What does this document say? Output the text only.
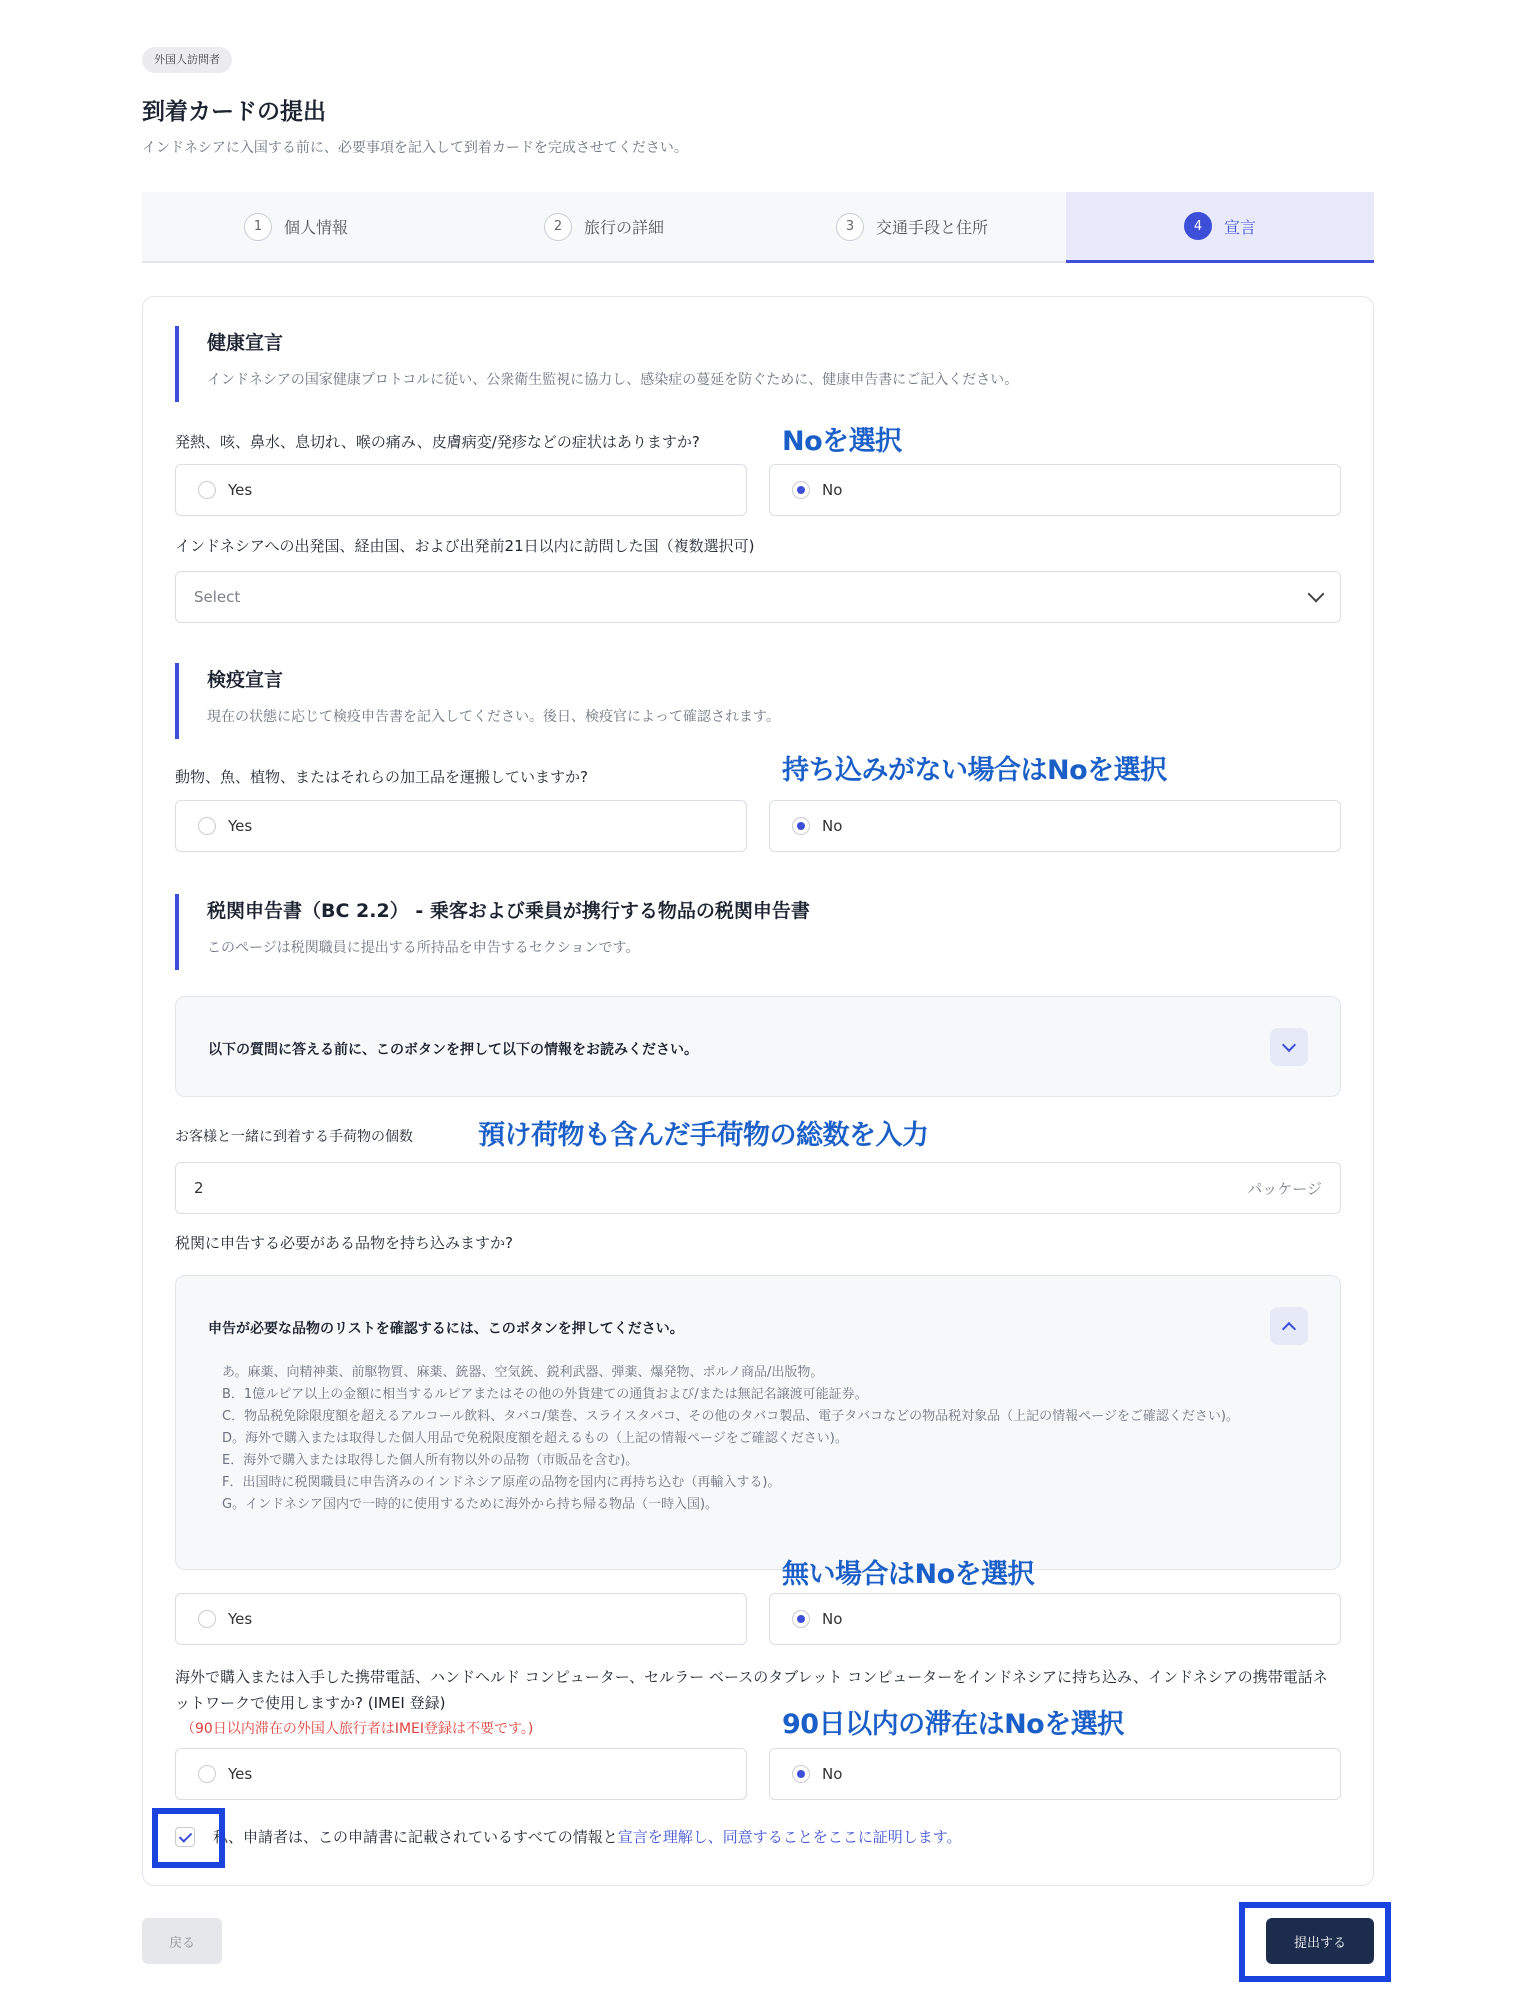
外国人訪問者
到着カードの提出
インドネシアに入国する前に、必要事項を記入して到着カードを完成させてください。
1	個人情報	2	旅行の詳細	3	交通手段と住所	4	宣言
健康宣言
インドネシアの国家健康プロトコルに従い、公衆衛生監視に協力し、感染症の蔓延を防ぐために、健康申告書にご記入ください。
発熱、咳、鼻水、息切れ、喉の痛み、皮膚病変/発疹などの症状はありますか?
Yes	No
インドネシアへの出発国、経由国、および出発前21日以内に訪問した国（複数選択可)
Select
検疫宣言
現在の状態に応じて検疫申告書を記入してください。後日、検疫官によって確認されます。
動物、魚、植物、またはそれらの加工品を運搬していますか?
Yes	No
税関申告書（BC 2.2） - 乗客および乗員が携行する物品の税関申告書
このページは税関職員に提出する所持品を申告するセクションです。
以下の質問に答える前に、このボタンを押して以下の情報をお読みください。
お客様と一緒に到着する手荷物の個数
2	パッケージ
税関に申告する必要がある品物を持ち込みますか?
申告が必要な品物のリストを確認するには、このボタンを押してください。
あ。麻薬、向精神薬、前駆物質、麻薬、銃器、空気銃、鋭利武器、弾薬、爆発物、ポルノ商品/出版物。
B．1億ルピア以上の金額に相当するルピアまたはその他の外貨建ての通貨および/または無記名譲渡可能証券。
C．物品税免除限度額を超えるアルコール飲料、タバコ/葉巻、スライスタバコ、その他のタバコ製品、電子タバコなどの物品税対象品（上記の情報ページをご確認ください)。
D。海外で購入または取得した個人用品で免税限度額を超えるもの（上記の情報ページをご確認ください)。
E．海外で購入または取得した個人所有物以外の品物（市販品を含む)。
F．出国時に税関職員に申告済みのインドネシア原産の品物を国内に再持ち込む（再輸入する)。
G。インドネシア国内で一時的に使用するために海外から持ち帰る物品（一時入国)。
Yes	No
海外で購入または入手した携帯電話、ハンドヘルド コンピューター、セルラー ベースのタブレット コンピューターをインドネシアに持ち込み、インドネシアの携帯電話ネットワークで使用しますか? (IMEI 登録)
（90日以内滞在の外国人旅行者はIMEI登録は不要です。)
Yes	No
私、申請者は、この申請書に記載されているすべての情報と 宣言を理解し、同意することをここに証明します。
戻る	提出する
Noを選択
持ち込みがない場合はNoを選択
預け荷物も含んだ手荷物の総数を入力
無い場合はNoを選択
90日以内の滞在はNoを選択
